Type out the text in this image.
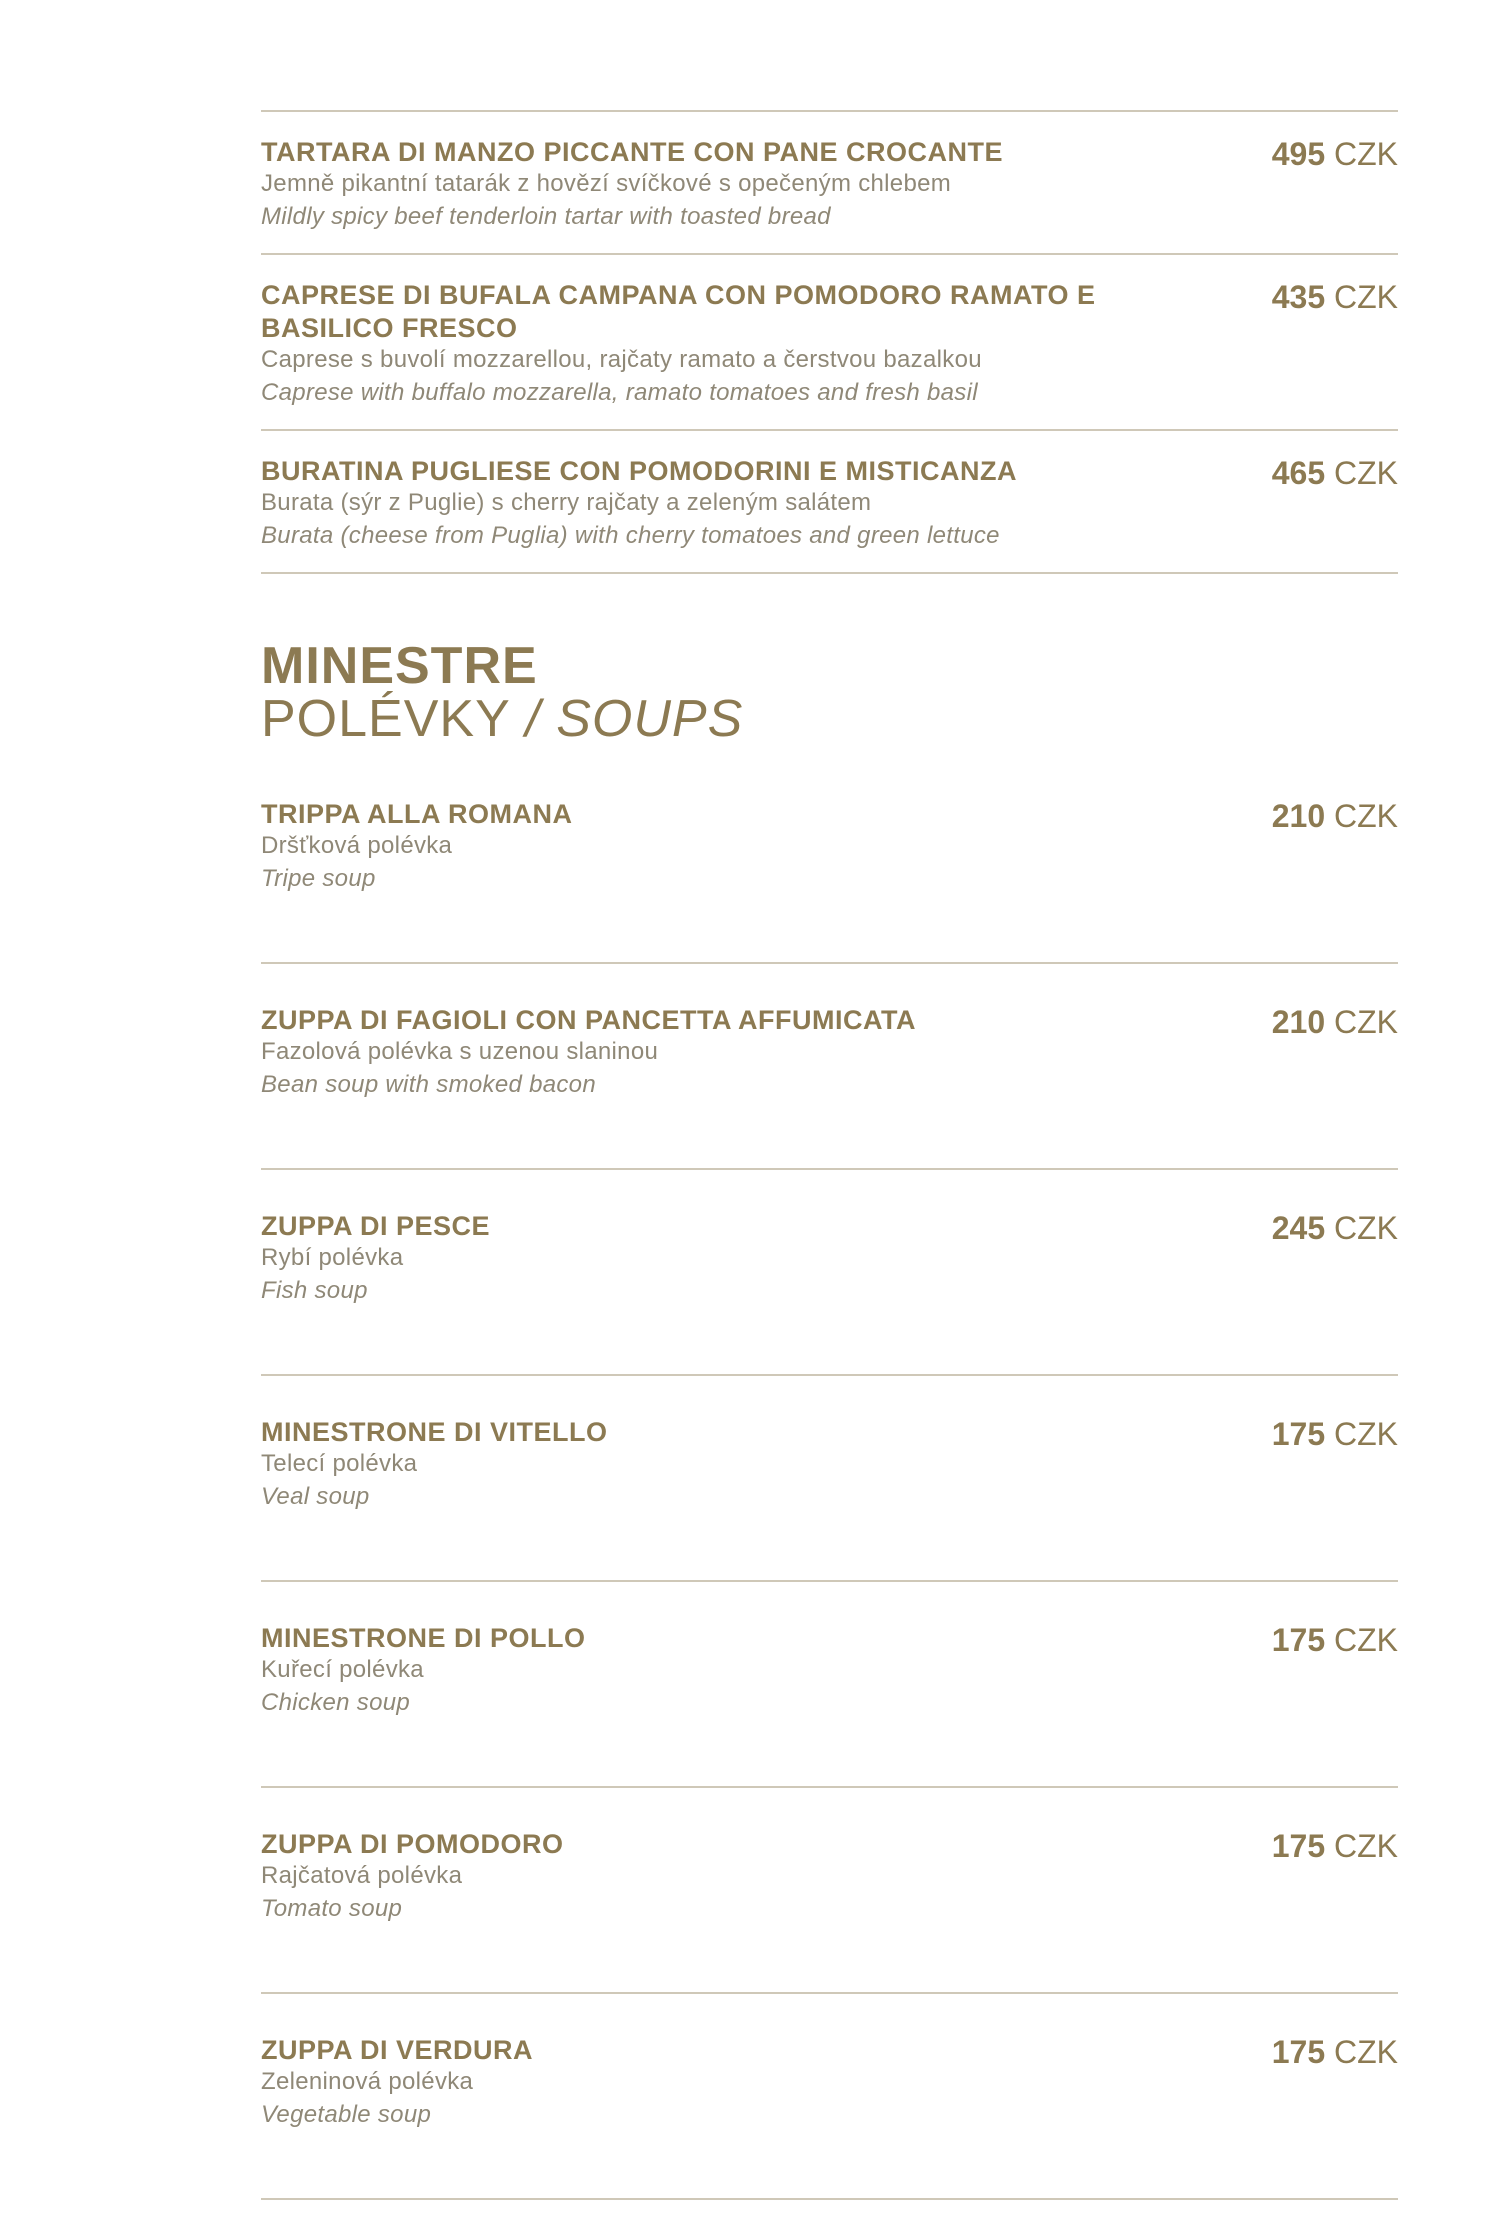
TARTARA DI MANZO PICCANTE CON PANE CROCANTE
Jemně pikantní tatarák z hovězí svíčkové s opečeným chlebem
Mildly spicy beef tenderloin tartar with toasted bread
495 CZK
CAPRESE DI BUFALA CAMPANA CON POMODORO RAMATO E BASILICO FRESCO
Caprese s buvolí mozzarellou, rajčaty ramato a čerstvou bazalkou
Caprese with buffalo mozzarella, ramato tomatoes and fresh basil
435 CZK
BURATINA PUGLIESE CON POMODORINI E MISTICANZA
Burata (sýr z Puglie) s cherry rajčaty a zeleným salátem
Burata (cheese from Puglia) with cherry tomatoes and green lettuce
465 CZK
MINESTRE
POLÉVKY / SOUPS
TRIPPA ALLA ROMANA
Dršťková polévka
Tripe soup
210 CZK
ZUPPA DI FAGIOLI CON PANCETTA AFFUMICATA
Fazolová polévka s uzenou slaninou
Bean soup with smoked bacon
210 CZK
ZUPPA DI PESCE
Rybí polévka
Fish soup
245 CZK
MINESTRONE DI VITELLO
Telecí polévka
Veal soup
175 CZK
MINESTRONE DI POLLO
Kuřecí polévka
Chicken soup
175 CZK
ZUPPA DI POMODORO
Rajčatová polévka
Tomato soup
175 CZK
ZUPPA DI VERDURA
Zeleninová polévka
Vegetable soup
175 CZK
